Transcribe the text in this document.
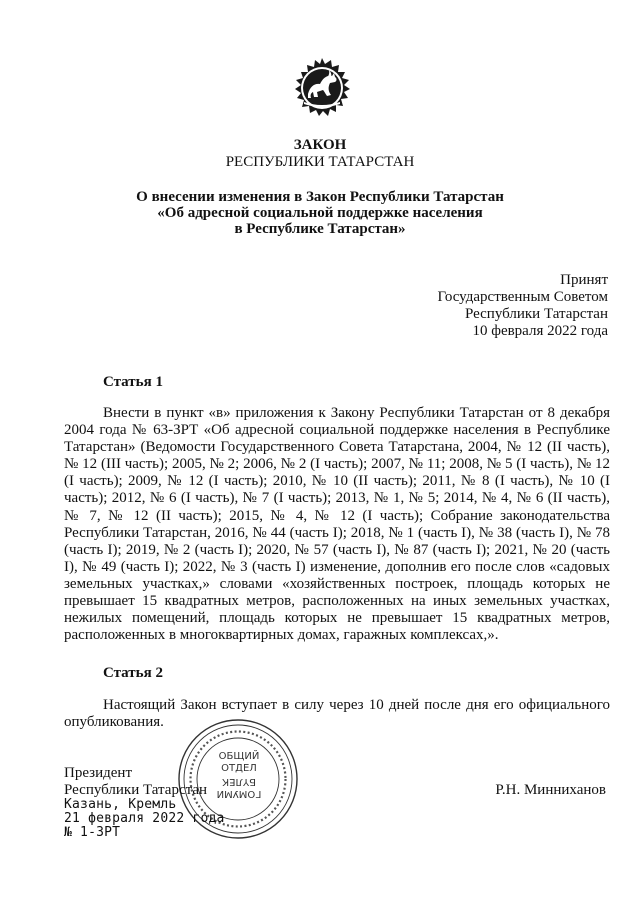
ЗАКОН
РЕСПУБЛИКИ ТАТАРСТАН
О внесении изменения в Закон Республики Татарстан
«Об адресной социальной поддержке населения
в Республике Татарстан»
Принят
Государственным Советом
Республики Татарстан
10 февраля 2022 года
Статья 1
Внести в пункт «в» приложения к Закону Республики Татарстан от 8 декабря 2004 года № 63-ЗРТ «Об адресной социальной поддержке населения в Республике Татарстан» (Ведомости Государственного Совета Татарстана, 2004, № 12 (II часть), № 12 (III часть); 2005, № 2; 2006, № 2 (I часть); 2007, № 11; 2008, № 5 (I часть), № 12 (I часть); 2009, № 12 (I часть); 2010, № 10 (II часть); 2011, № 8 (I часть), № 10 (I часть); 2012, № 6 (I часть), № 7 (I часть); 2013, № 1, № 5; 2014, № 4, № 6 (II часть), № 7, № 12 (II часть); 2015, № 4, № 12 (I часть); Собрание законодательства Республики Татарстан, 2016, № 44 (часть I); 2018, № 1 (часть I), № 38 (часть I), № 78 (часть I); 2019, № 2 (часть I); 2020, № 57 (часть I), № 87 (часть I); 2021, № 20 (часть I), № 49 (часть I); 2022, № 3 (часть I) изменение, дополнив его после слов «садовых земельных участках,» словами «хозяйственных построек, площадь которых не превышает 15 квадратных метров, расположенных на иных земельных участках, нежилых помещений, площадь которых не превышает 15 квадратных метров, расположенных в многоквартирных домах, гаражных комплексах,».
Статья 2
Настоящий Закон вступает в силу через 10 дней после дня его официального опубликования.
ОБЩИЙ
ОТДЕЛ
БҮЛЕК
ГОМУМИ
Президент
Республики Татарстан	Р.Н. Минниханов
Казань, Кремль
21 февраля 2022 года
№ 1-ЗРТ
